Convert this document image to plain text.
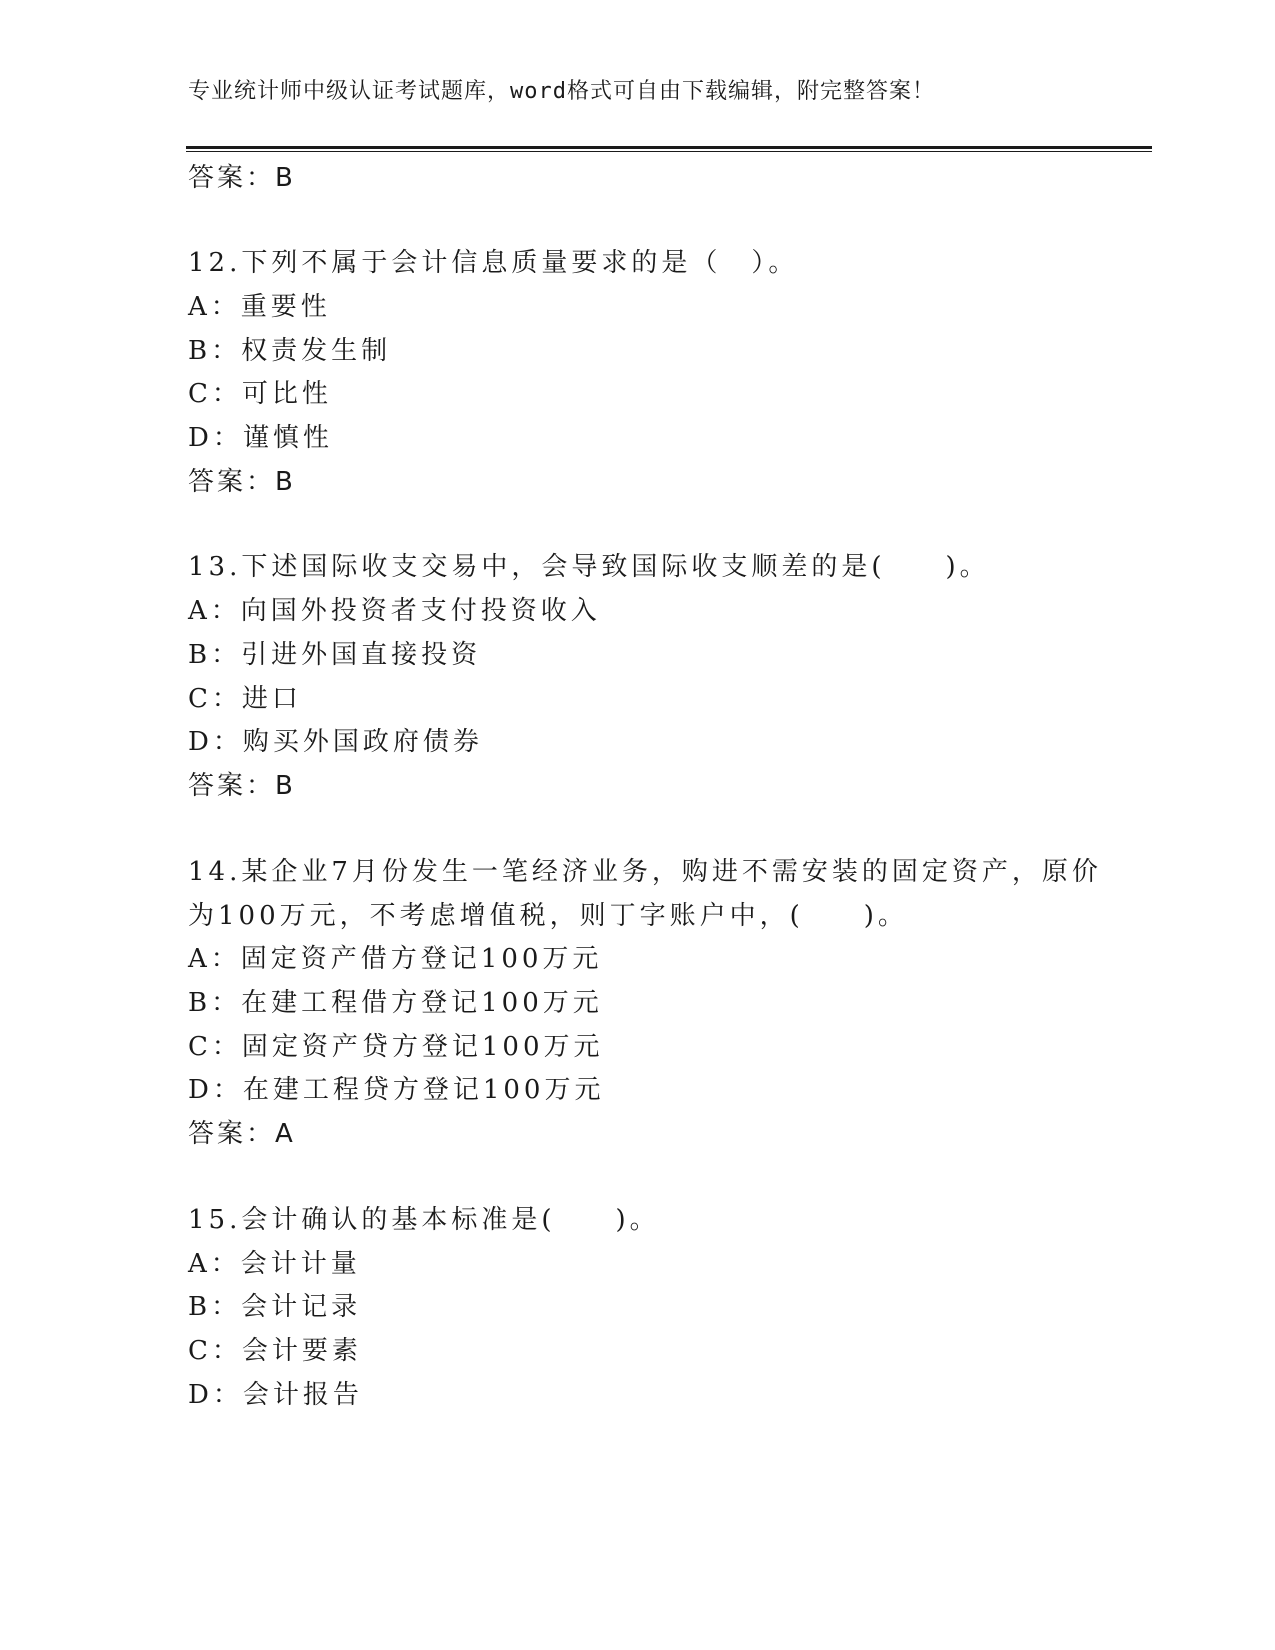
专业统计师中级认证考试题库，word格式可自由下载编辑，附完整答案！
答案：B
12.下列不属于会计信息质量要求的是（　）。
A：重要性
B：权责发生制
C：可比性
D：谨慎性
答案：B
13.下述国际收支交易中，会导致国际收支顺差的是(　　)。
A：向国外投资者支付投资收入
B：引进外国直接投资
C：进口
D：购买外国政府债券
答案：B
14.某企业7月份发生一笔经济业务，购进不需安装的固定资产，原价
为100万元，不考虑增值税，则丁字账户中，(　　)。
A：固定资产借方登记100万元
B：在建工程借方登记100万元
C：固定资产贷方登记100万元
D：在建工程贷方登记100万元
答案：A
15.会计确认的基本标准是(　　)。
A：会计计量
B：会计记录
C：会计要素
D：会计报告
